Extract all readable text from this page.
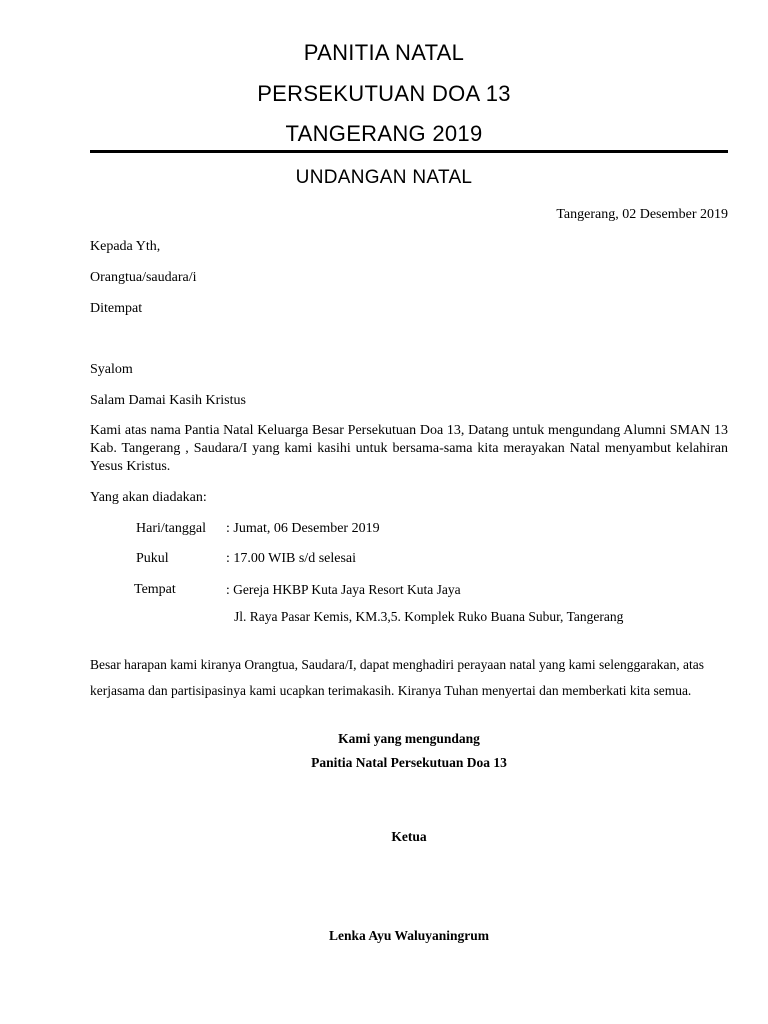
PANITIA NATAL
PERSEKUTUAN DOA 13
TANGERANG 2019
UNDANGAN NATAL
Tangerang, 02 Desember 2019
Kepada Yth,
Orangtua/saudara/i
Ditempat
Syalom
Salam Damai Kasih Kristus
Kami atas nama Pantia Natal Keluarga Besar Persekutuan Doa 13, Datang untuk mengundang Alumni SMAN 13 Kab. Tangerang , Saudara/I yang kami kasihi untuk bersama-sama kita merayakan Natal menyambut kelahiran Yesus Kristus.
Yang akan diadakan:
Hari/tanggal : Jumat, 06 Desember 2019
Pukul	: 17.00 WIB s/d selesai
Tempat	: Gereja HKBP Kuta Jaya Resort Kuta Jaya
Jl. Raya Pasar Kemis, KM.3,5. Komplek Ruko Buana Subur, Tangerang
Besar harapan kami kiranya Orangtua, Saudara/I, dapat menghadiri perayaan natal yang kami selenggarakan, atas
kerjasama dan partisipasinya kami ucapkan terimakasih. Kiranya Tuhan menyertai dan memberkati kita semua.
Kami yang mengundang
Panitia Natal Persekutuan Doa 13
Ketua
Lenka Ayu Waluyaningrum
